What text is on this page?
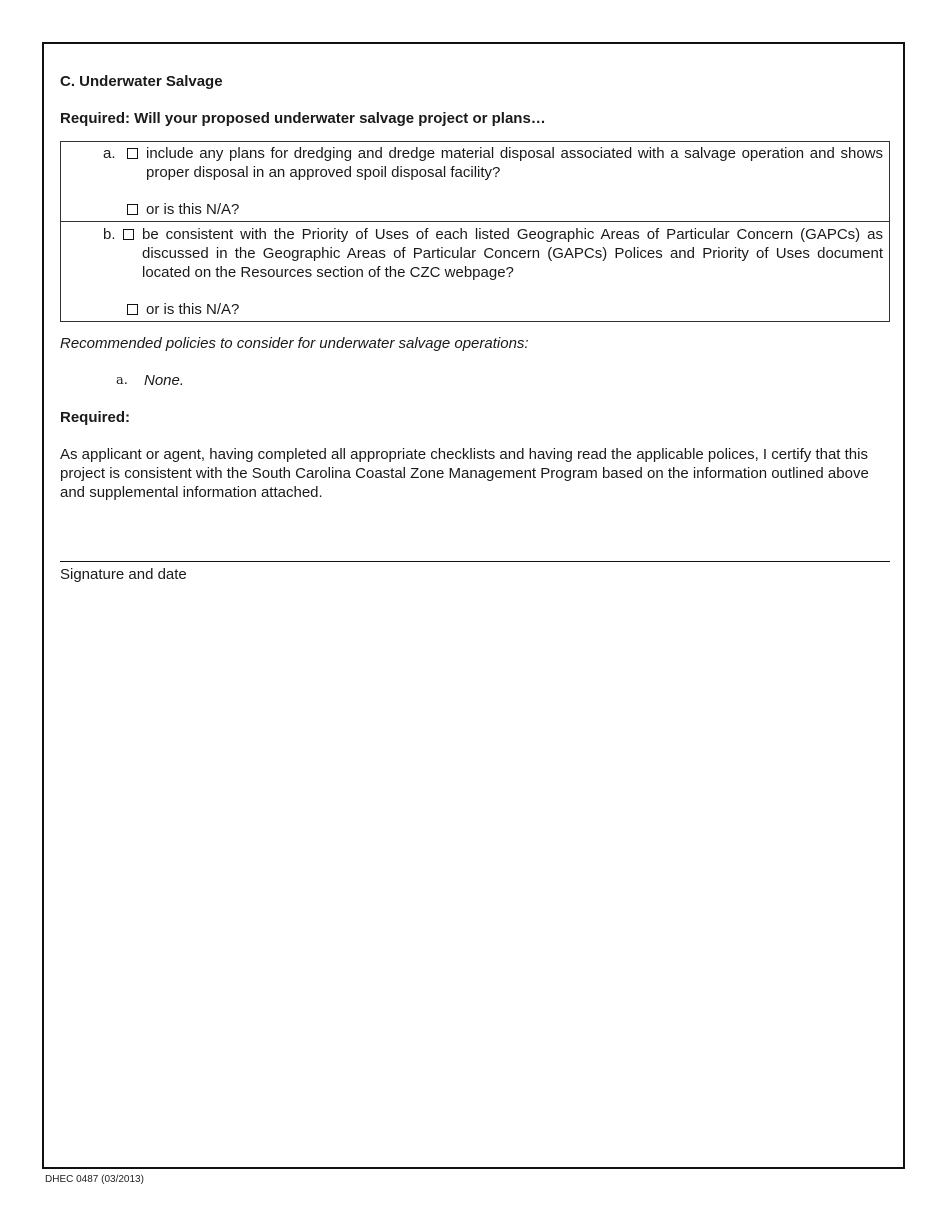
C. Underwater Salvage
Required: Will your proposed underwater salvage project or plans…
a. include any plans for dredging and dredge material disposal associated with a salvage operation and shows proper disposal in an approved spoil disposal facility?
or is this N/A?
b. be consistent with the Priority of Uses of each listed Geographic Areas of Particular Concern (GAPCs) as discussed in the Geographic Areas of Particular Concern (GAPCs) Polices and Priority of Uses document located on the Resources section of the CZC webpage?
or is this N/A?
Recommended policies to consider for underwater salvage operations:
a.	None.
Required:
As applicant or agent, having completed all appropriate checklists and having read the applicable polices, I certify that this project is consistent with the South Carolina Coastal Zone Management Program based on the information outlined above and supplemental information attached.
Signature and date
DHEC 0487 (03/2013)
